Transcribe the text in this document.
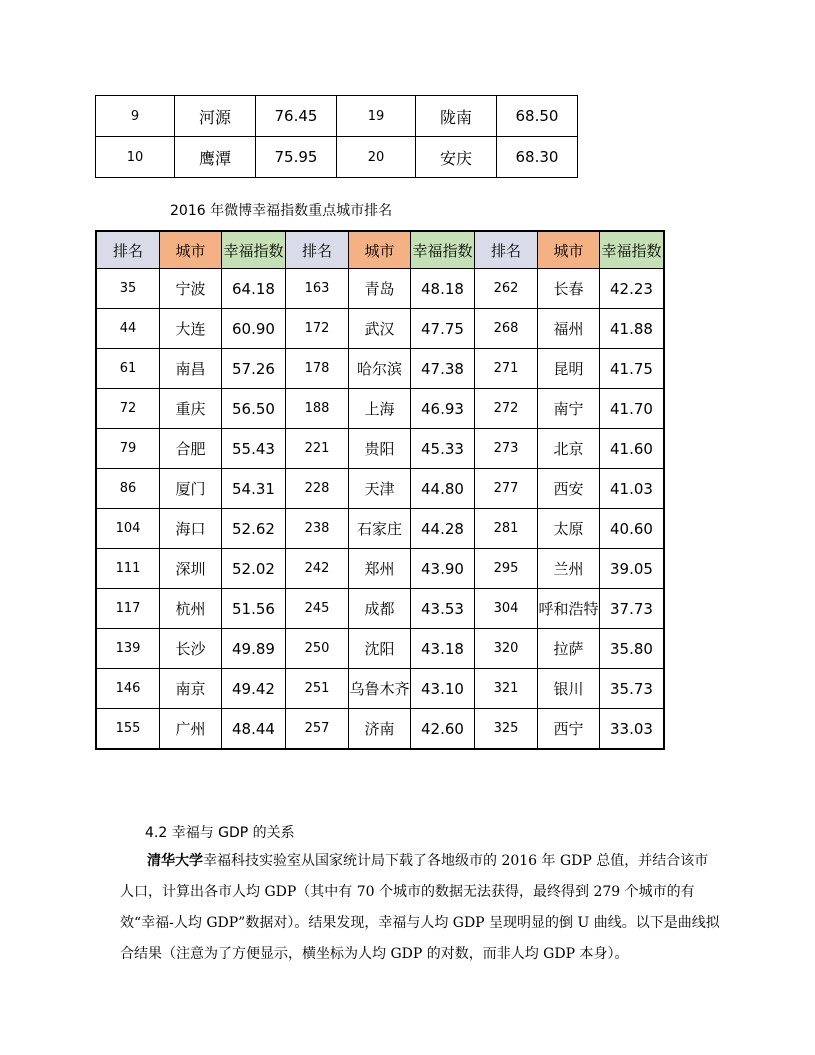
9	河源	76.45	19	陇南	68.50
10	鹰潭	75.95	20	安庆	68.30
2016 年微博幸福指数重点城市排名
排名	城市	幸福指数	排名	城市	幸福指数	排名	城市	幸福指数
35	宁波	64.18	163	青岛	48.18	262	长春	42.23
44	大连	60.90	172	武汉	47.75	268	福州	41.88
61	南昌	57.26	178	哈尔滨	47.38	271	昆明	41.75
72	重庆	56.50	188	上海	46.93	272	南宁	41.70
79	合肥	55.43	221	贵阳	45.33	273	北京	41.60
86	厦门	54.31	228	天津	44.80	277	西安	41.03
104	海口	52.62	238	石家庄	44.28	281	太原	40.60
111	深圳	52.02	242	郑州	43.90	295	兰州	39.05
117	杭州	51.56	245	成都	43.53	304	呼和浩特	37.73
139	长沙	49.89	250	沈阳	43.18	320	拉萨	35.80
146	南京	49.42	251	乌鲁木齐	43.10	321	银川	35.73
155	广州	48.44	257	济南	42.60	325	西宁	33.03
4.2 幸福与 GDP 的关系

清华大学幸福科技实验室从国家统计局下载了各地级市的 2016 年 GDP 总值，并结合该市人口，计算出各市人均 GDP（其中有 70 个城市的数据无法获得，最终得到 279 个城市的有效“幸福-人均 GDP”数据对）。结果发现，幸福与人均 GDP 呈现明显的倒 U 曲线。以下是曲线拟合结果（注意为了方便显示，横坐标为人均 GDP 的对数，而非人均 GDP 本身）。
